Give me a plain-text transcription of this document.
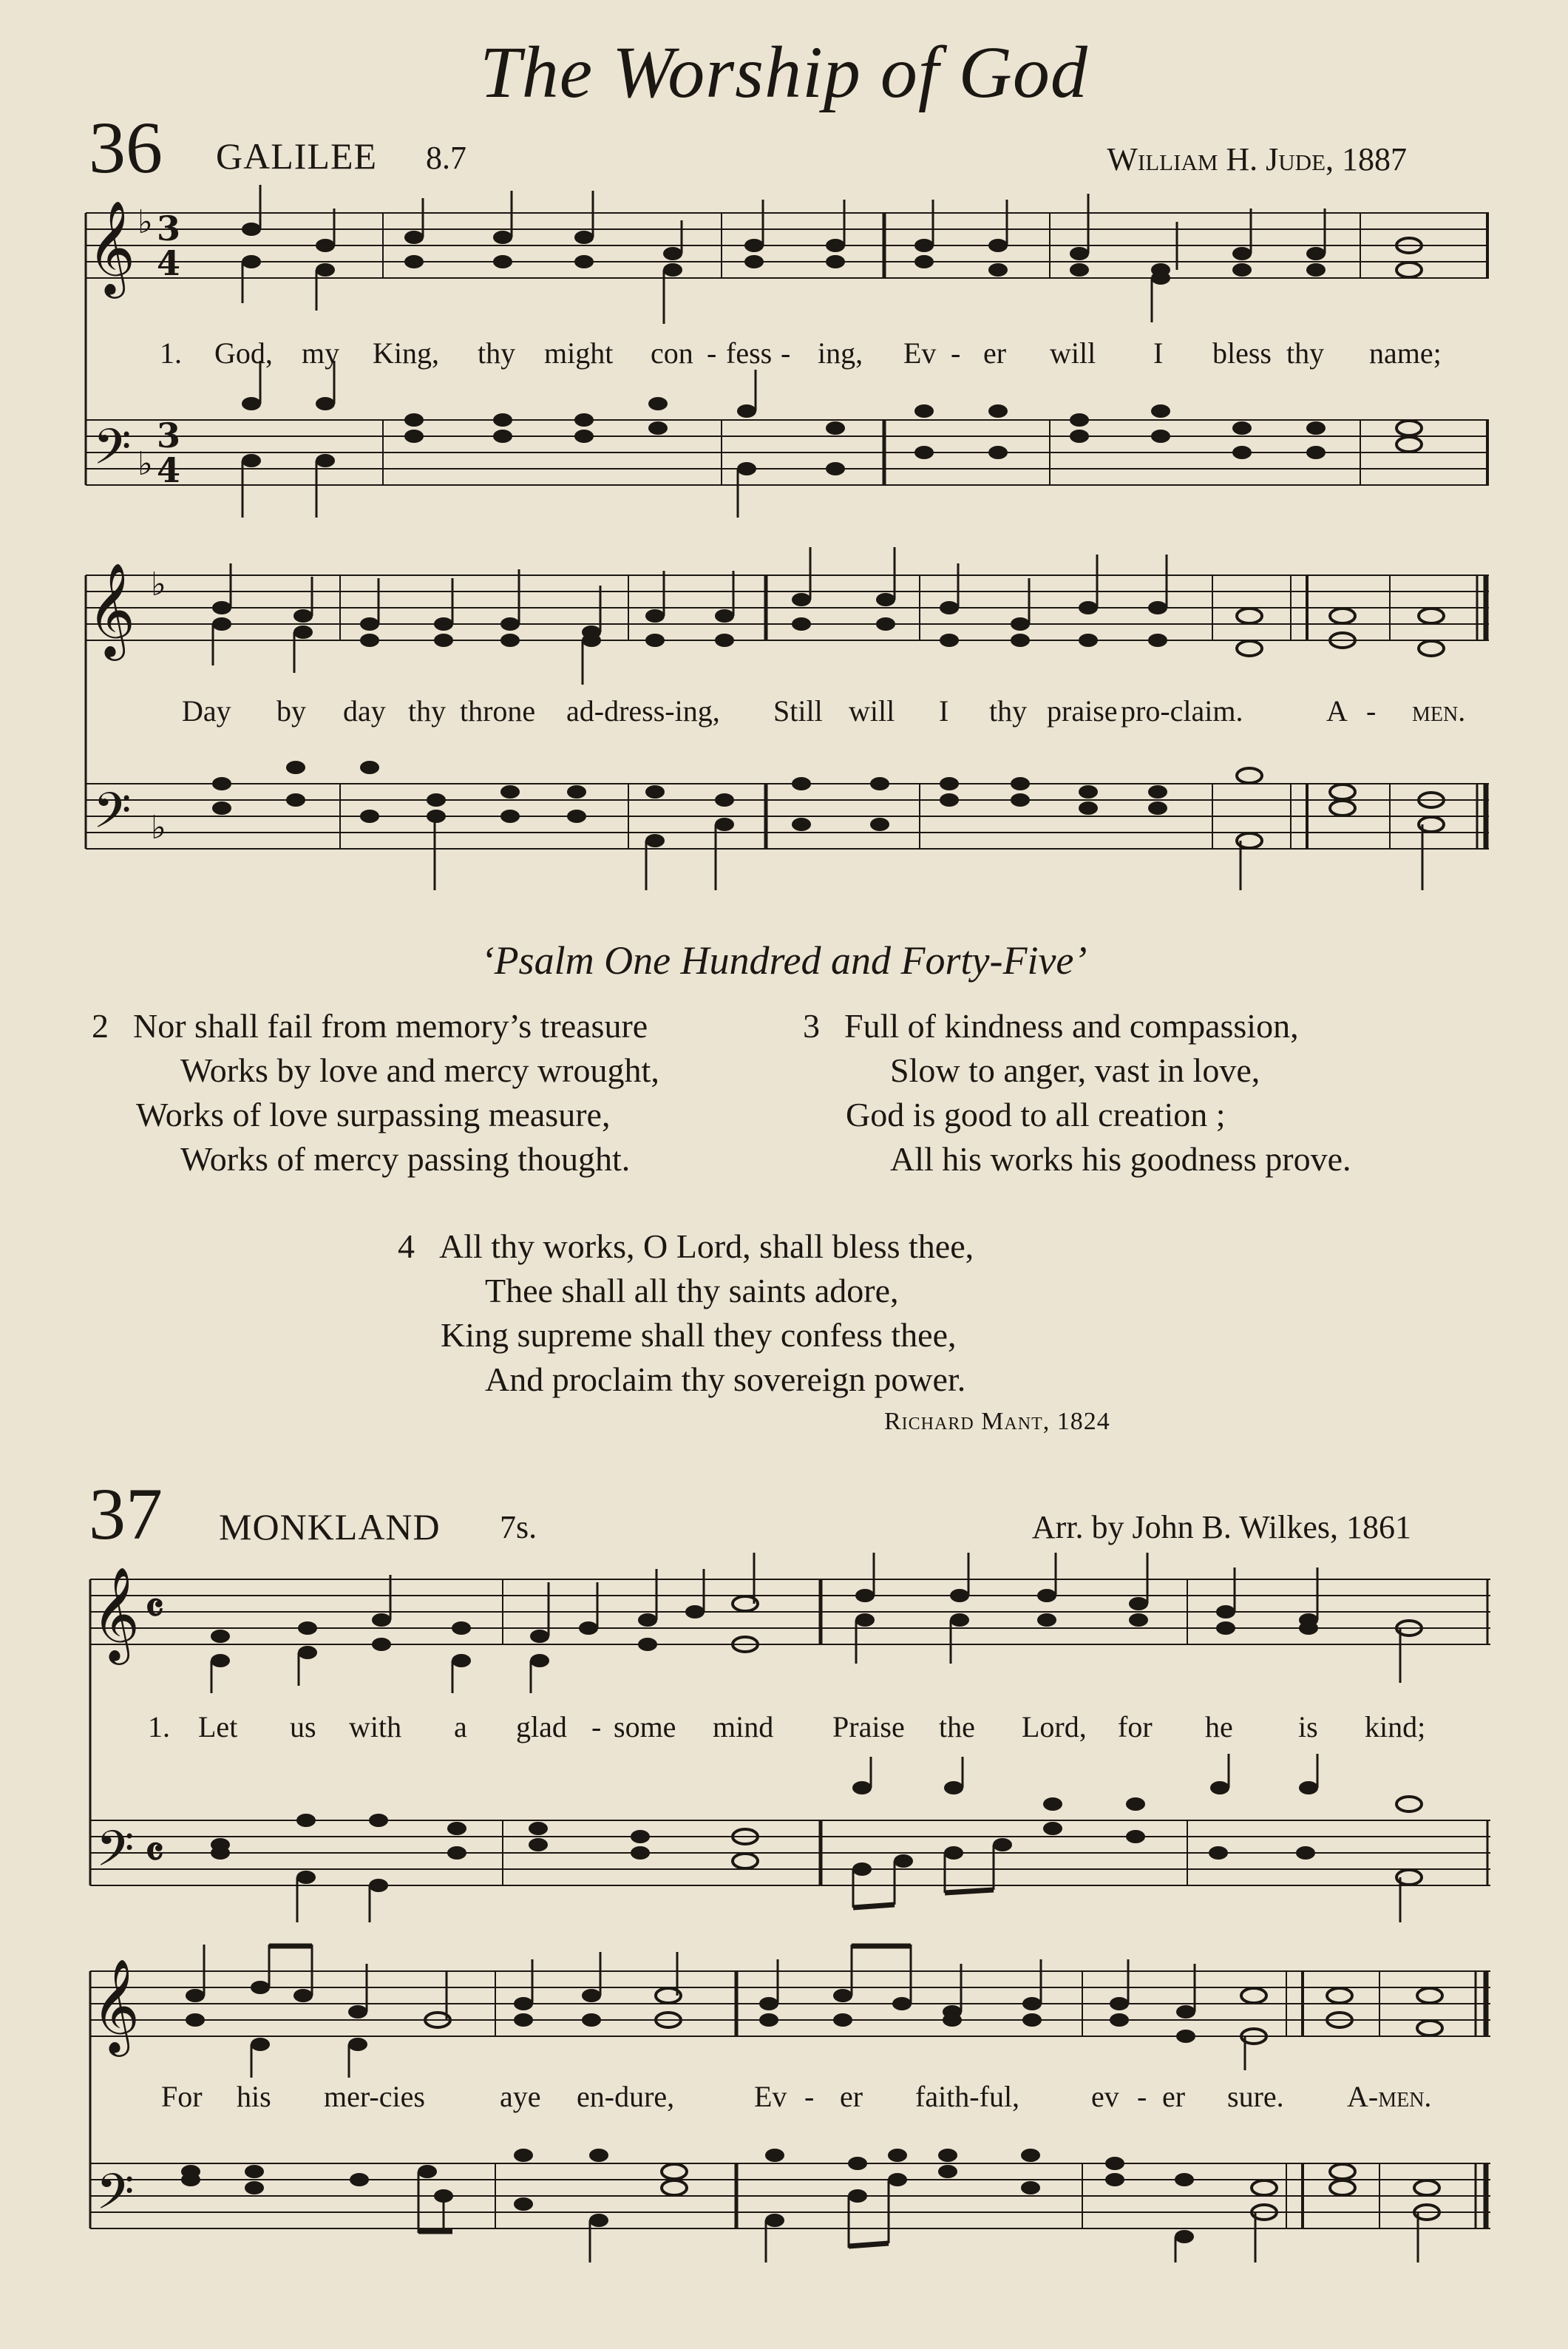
The Worship of God
36 GALILEE 8.7	William H. Jude, 1887
𝄞
𝄢
3
4
♭
3
4
♭
1. God, my King, thy might con - fess - ing, Ev - er will I bless thy name;
𝄞
𝄢
♭
♭
Day by day thy throne ad-dress-ing, Still will I thy praise pro-claim.	A - men.
‘Psalm One Hundred and Forty-Five’
2 Nor shall fail from memory’s treasure
Works by love and mercy wrought,
Works of love surpassing measure,
Works of mercy passing thought.
3 Full of kindness and compassion,
Slow to anger, vast in love,
God is good to all creation ;
All his works his goodness prove.
4 All thy works, O Lord, shall bless thee,
Thee shall all thy saints adore,
King supreme shall they confess thee,
And proclaim thy sovereign power.
Richard Mant, 1824
37 MONKLAND 7s.	Arr. by John B. Wilkes, 1861
𝄞
𝄢
𝄴
𝄴
1. Let us with a glad - some mind Praise the Lord, for he is kind;
𝄞
𝄢
For his mer-cies	aye en-dure,	Ev - er faith-ful, ev - er sure. A-men.
